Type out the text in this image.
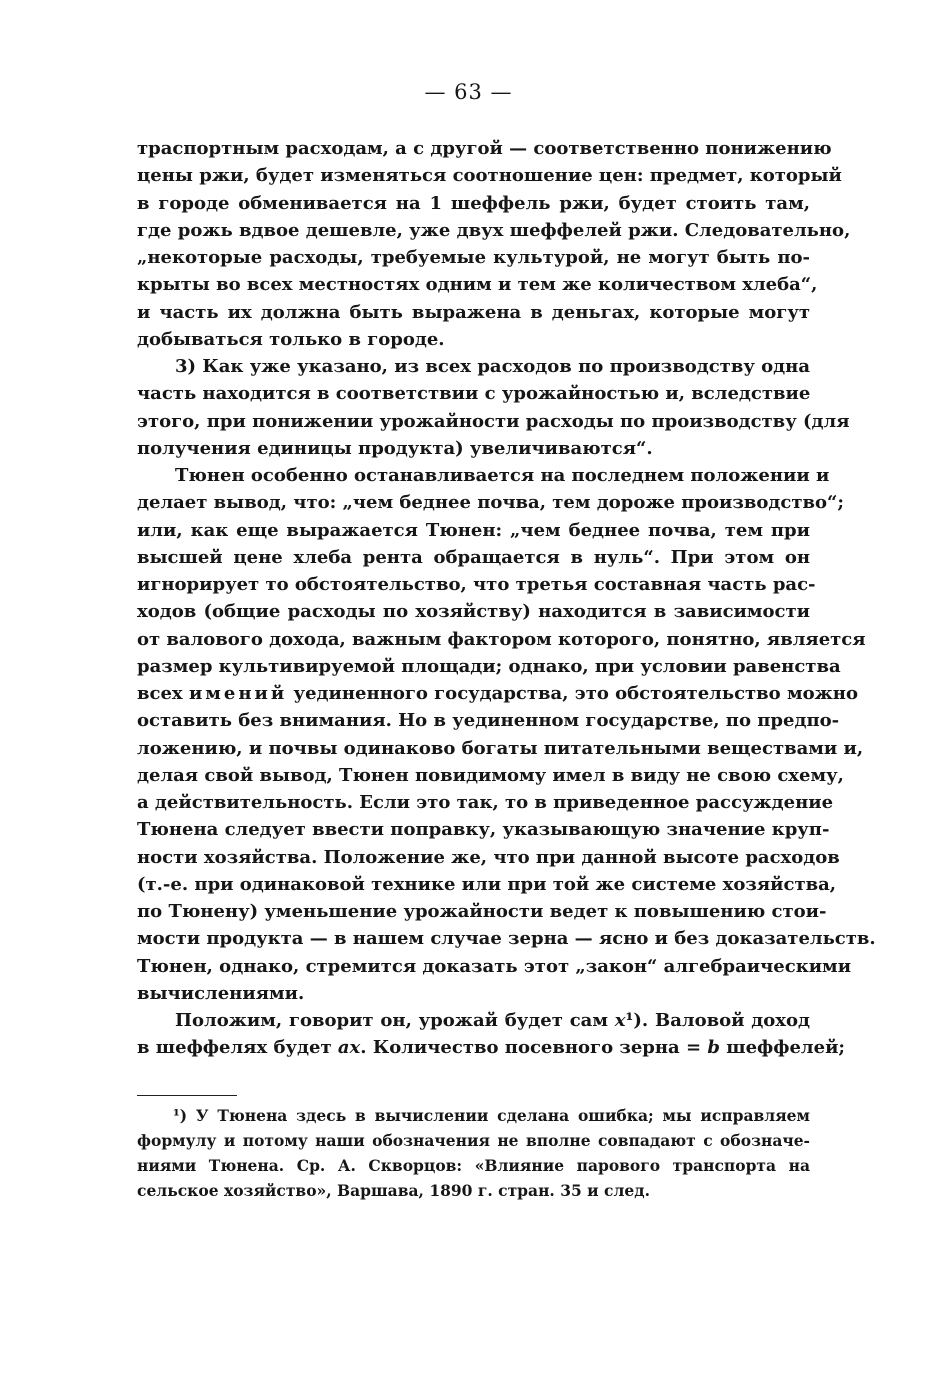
— 63 —
траспортным расходам, а с другой — соответственно понижению
цены ржи, будет изменяться соотношение цен: предмет, который
в городе обменивается на 1 шеффель ржи, будет стоить там,
где рожь вдвое дешевле, уже двух шеффелей ржи. Следовательно,
„некоторые расходы, требуемые культурой, не могут быть по-
крыты во всех местностях одним и тем же количеством хлеба“,
и часть их должна быть выражена в деньгах, которые могут
добываться только в городе.
3) Как уже указано, из всех расходов по производству одна
часть находится в соответствии с урожайностью и, вследствие
этого, при понижении урожайности расходы по производству (для
получения единицы продукта) увеличиваются“.
Тюнен особенно останавливается на последнем положении и
делает вывод, что: „чем беднее почва, тем дороже производство“;
или, как еще выражается Тюнен: „чем беднее почва, тем при
высшей цене хлеба рента обращается в нуль“. При этом он
игнорирует то обстоятельство, что третья составная часть рас-
ходов (общие расходы по хозяйству) находится в зависимости
от валового дохода, важным фактором которого, понятно, является
размер культивируемой площади; однако, при условии равенства
всех имений уединенного государства, это обстоятельство можно
оставить без внимания. Но в уединенном государстве, по предпо-
ложению, и почвы одинаково богаты питательными веществами и,
делая свой вывод, Тюнен повидимому имел в виду не свою схему,
а действительность. Если это так, то в приведенное рассуждение
Тюнена следует ввести поправку, указывающую значение круп-
ности хозяйства. Положение же, что при данной высоте расходов
(т.-е. при одинаковой технике или при той же системе хозяйства,
по Тюнену) уменьшение урожайности ведет к повышению стои-
мости продукта — в нашем случае зерна — ясно и без доказательств.
Тюнен, однако, стремится доказать этот „закон“ алгебраическими
вычислениями.
Положим, говорит он, урожай будет сам x¹). Валовой доход
в шеффелях будет ax. Количество посевного зерна = b шеффелей;
¹) У Тюнена здесь в вычислении сделана ошибка; мы исправляем
формулу и потому наши обозначения не вполне совпадают с обозначе-
ниями Тюнена. Ср. А. Скворцов: «Влияние парового транспорта на
сельское хозяйство», Варшава, 1890 г. стран. 35 и след.
